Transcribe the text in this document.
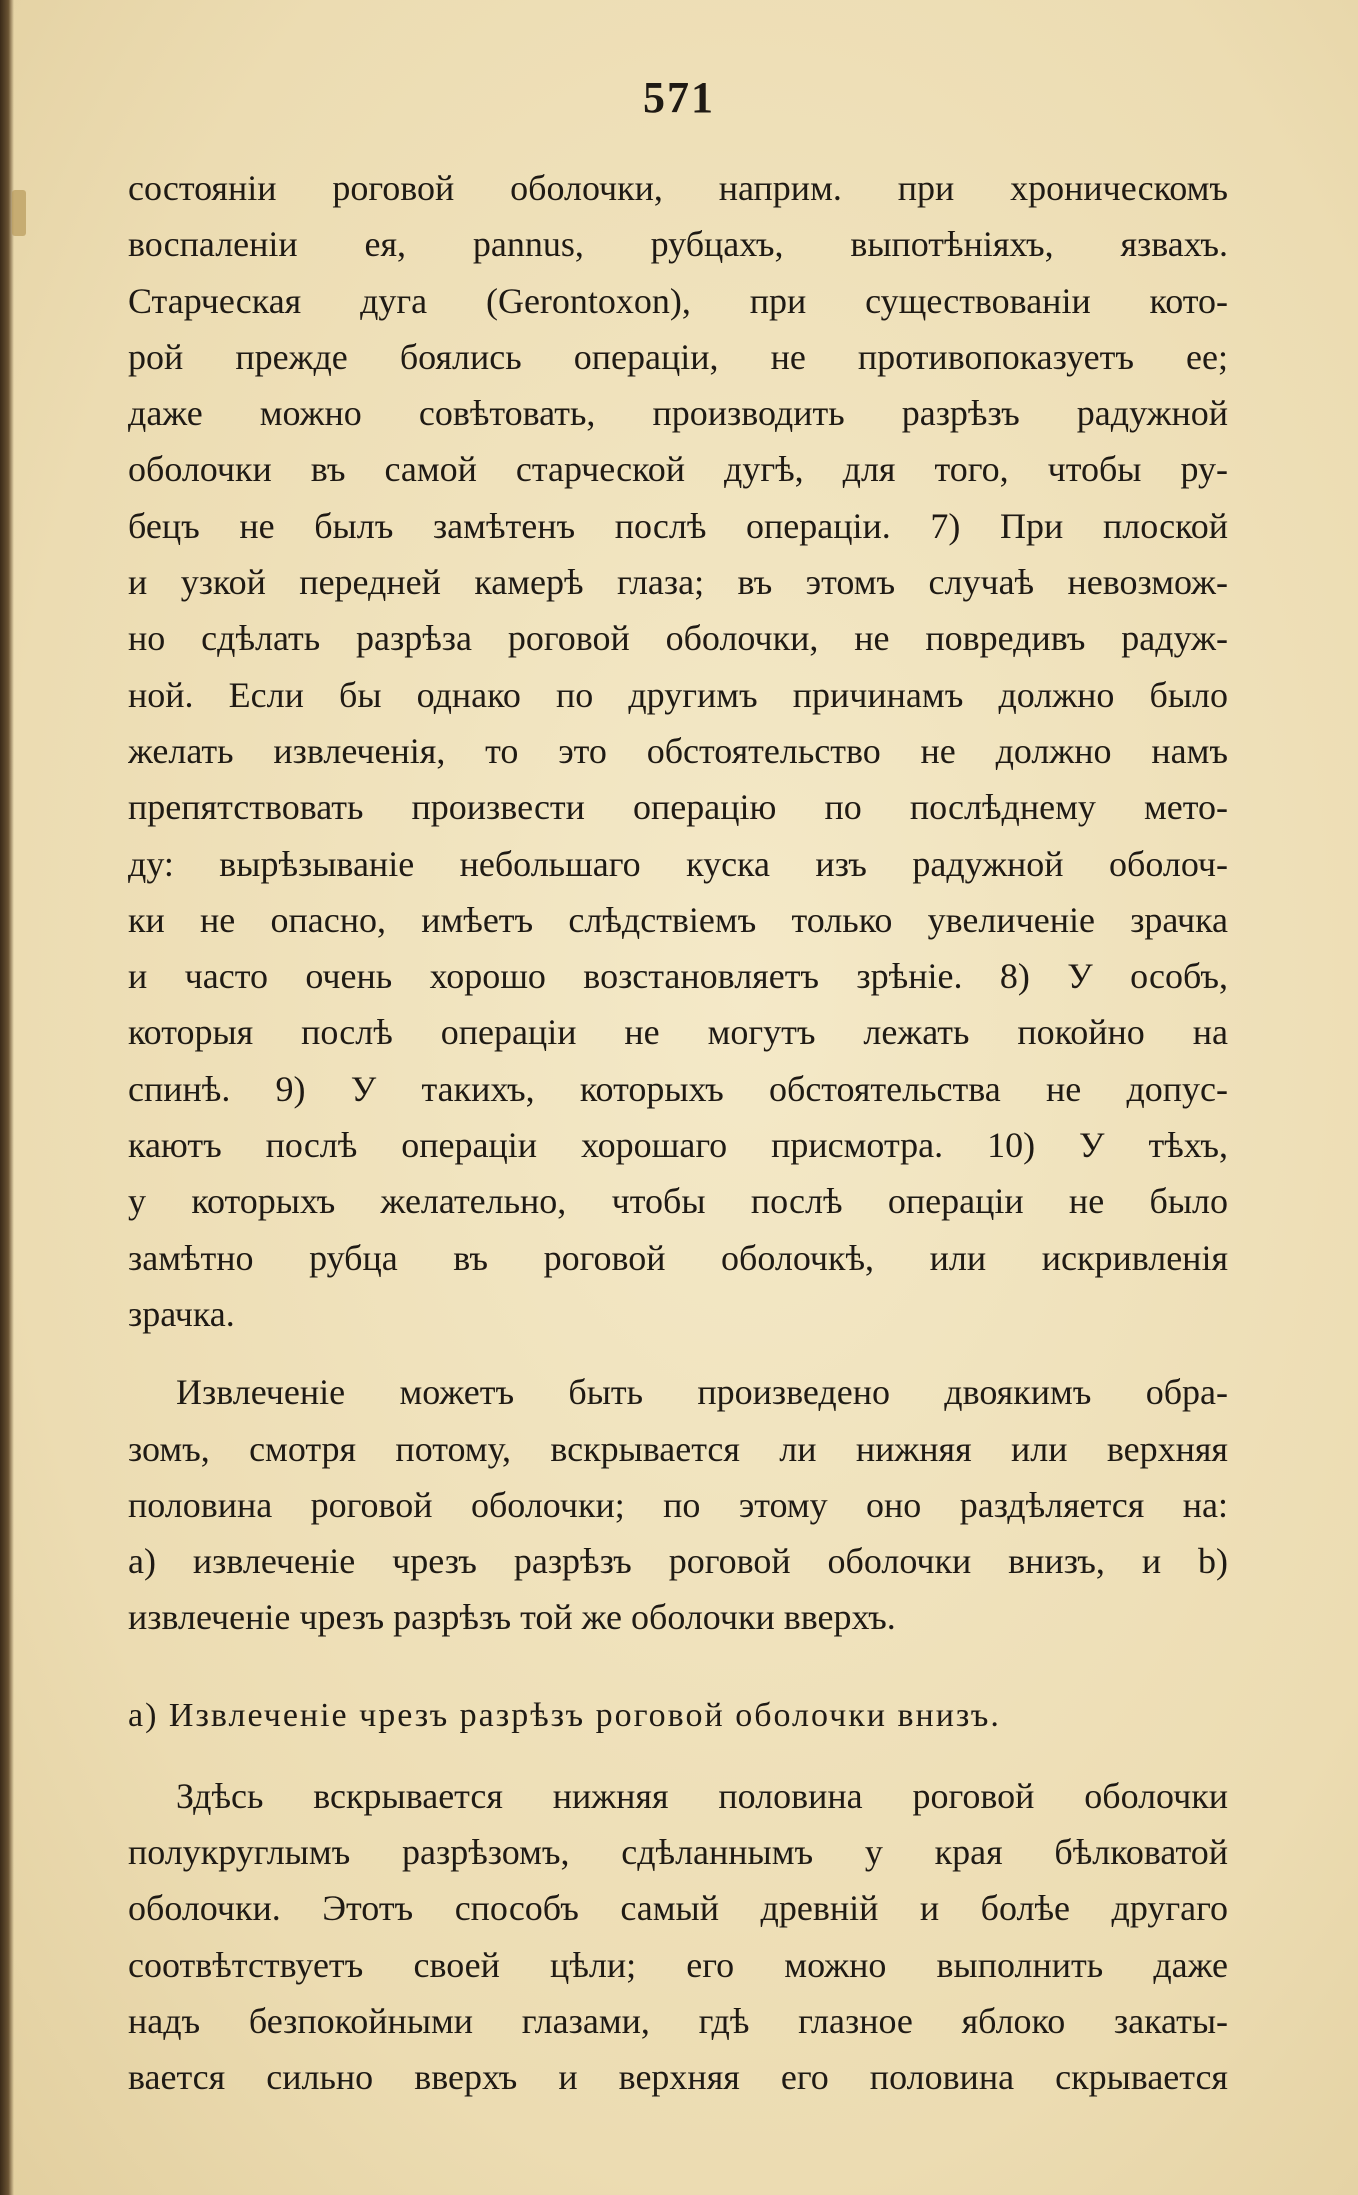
571
состояніи роговой оболочки, наприм. при хроническомъ
воспаленіи ея, pannus, рубцахъ, выпотѣніяхъ, язвахъ.
Старческая дуга (Gerontoxon), при существованіи кото-
рой прежде боялись операціи, не противопоказуетъ ее;
даже можно совѣтовать, производить разрѣзъ радужной
оболочки въ самой старческой дугѣ, для того, чтобы ру-
бецъ не былъ замѣтенъ послѣ операціи. 7) При плоской
и узкой передней камерѣ глаза; въ этомъ случаѣ невозмож-
но сдѣлать разрѣза роговой оболочки, не повредивъ радуж-
ной. Если бы однако по другимъ причинамъ должно было
желать извлеченія, то это обстоятельство не должно намъ
препятствовать произвести операцію по послѣднему мето-
ду: вырѣзываніе небольшаго куска изъ радужной оболоч-
ки не опасно, имѣетъ слѣдствіемъ только увеличеніе зрачка
и часто очень хорошо возстановляетъ зрѣніе. 8) У особъ,
которыя послѣ операціи не могутъ лежать покойно на
спинѣ. 9) У такихъ, которыхъ обстоятельства не допус-
каютъ послѣ операціи хорошаго присмотра. 10) У тѣхъ,
у которыхъ желательно, чтобы послѣ операціи не было
замѣтно рубца въ роговой оболочкѣ, или искривленія
зрачка.
Извлеченіе можетъ быть произведено двоякимъ обра-
зомъ, смотря потому, вскрывается ли нижняя или верхняя
половина роговой оболочки; по этому оно раздѣляется на:
а) извлеченіе чрезъ разрѣзъ роговой оболочки внизъ, и b)
извлеченіе чрезъ разрѣзъ той же оболочки вверхъ.
а) Извлеченіе чрезъ разрѣзъ роговой оболочки внизъ.
Здѣсь вскрывается нижняя половина роговой оболочки
полукруглымъ разрѣзомъ, сдѣланнымъ у края бѣлковатой
оболочки. Этотъ способъ самый древній и болѣе другаго
соотвѣтствуетъ своей цѣли; его можно выполнить даже
надъ безпокойными глазами, гдѣ глазное яблоко закаты-
вается сильно вверхъ и верхняя его половина скрывается
